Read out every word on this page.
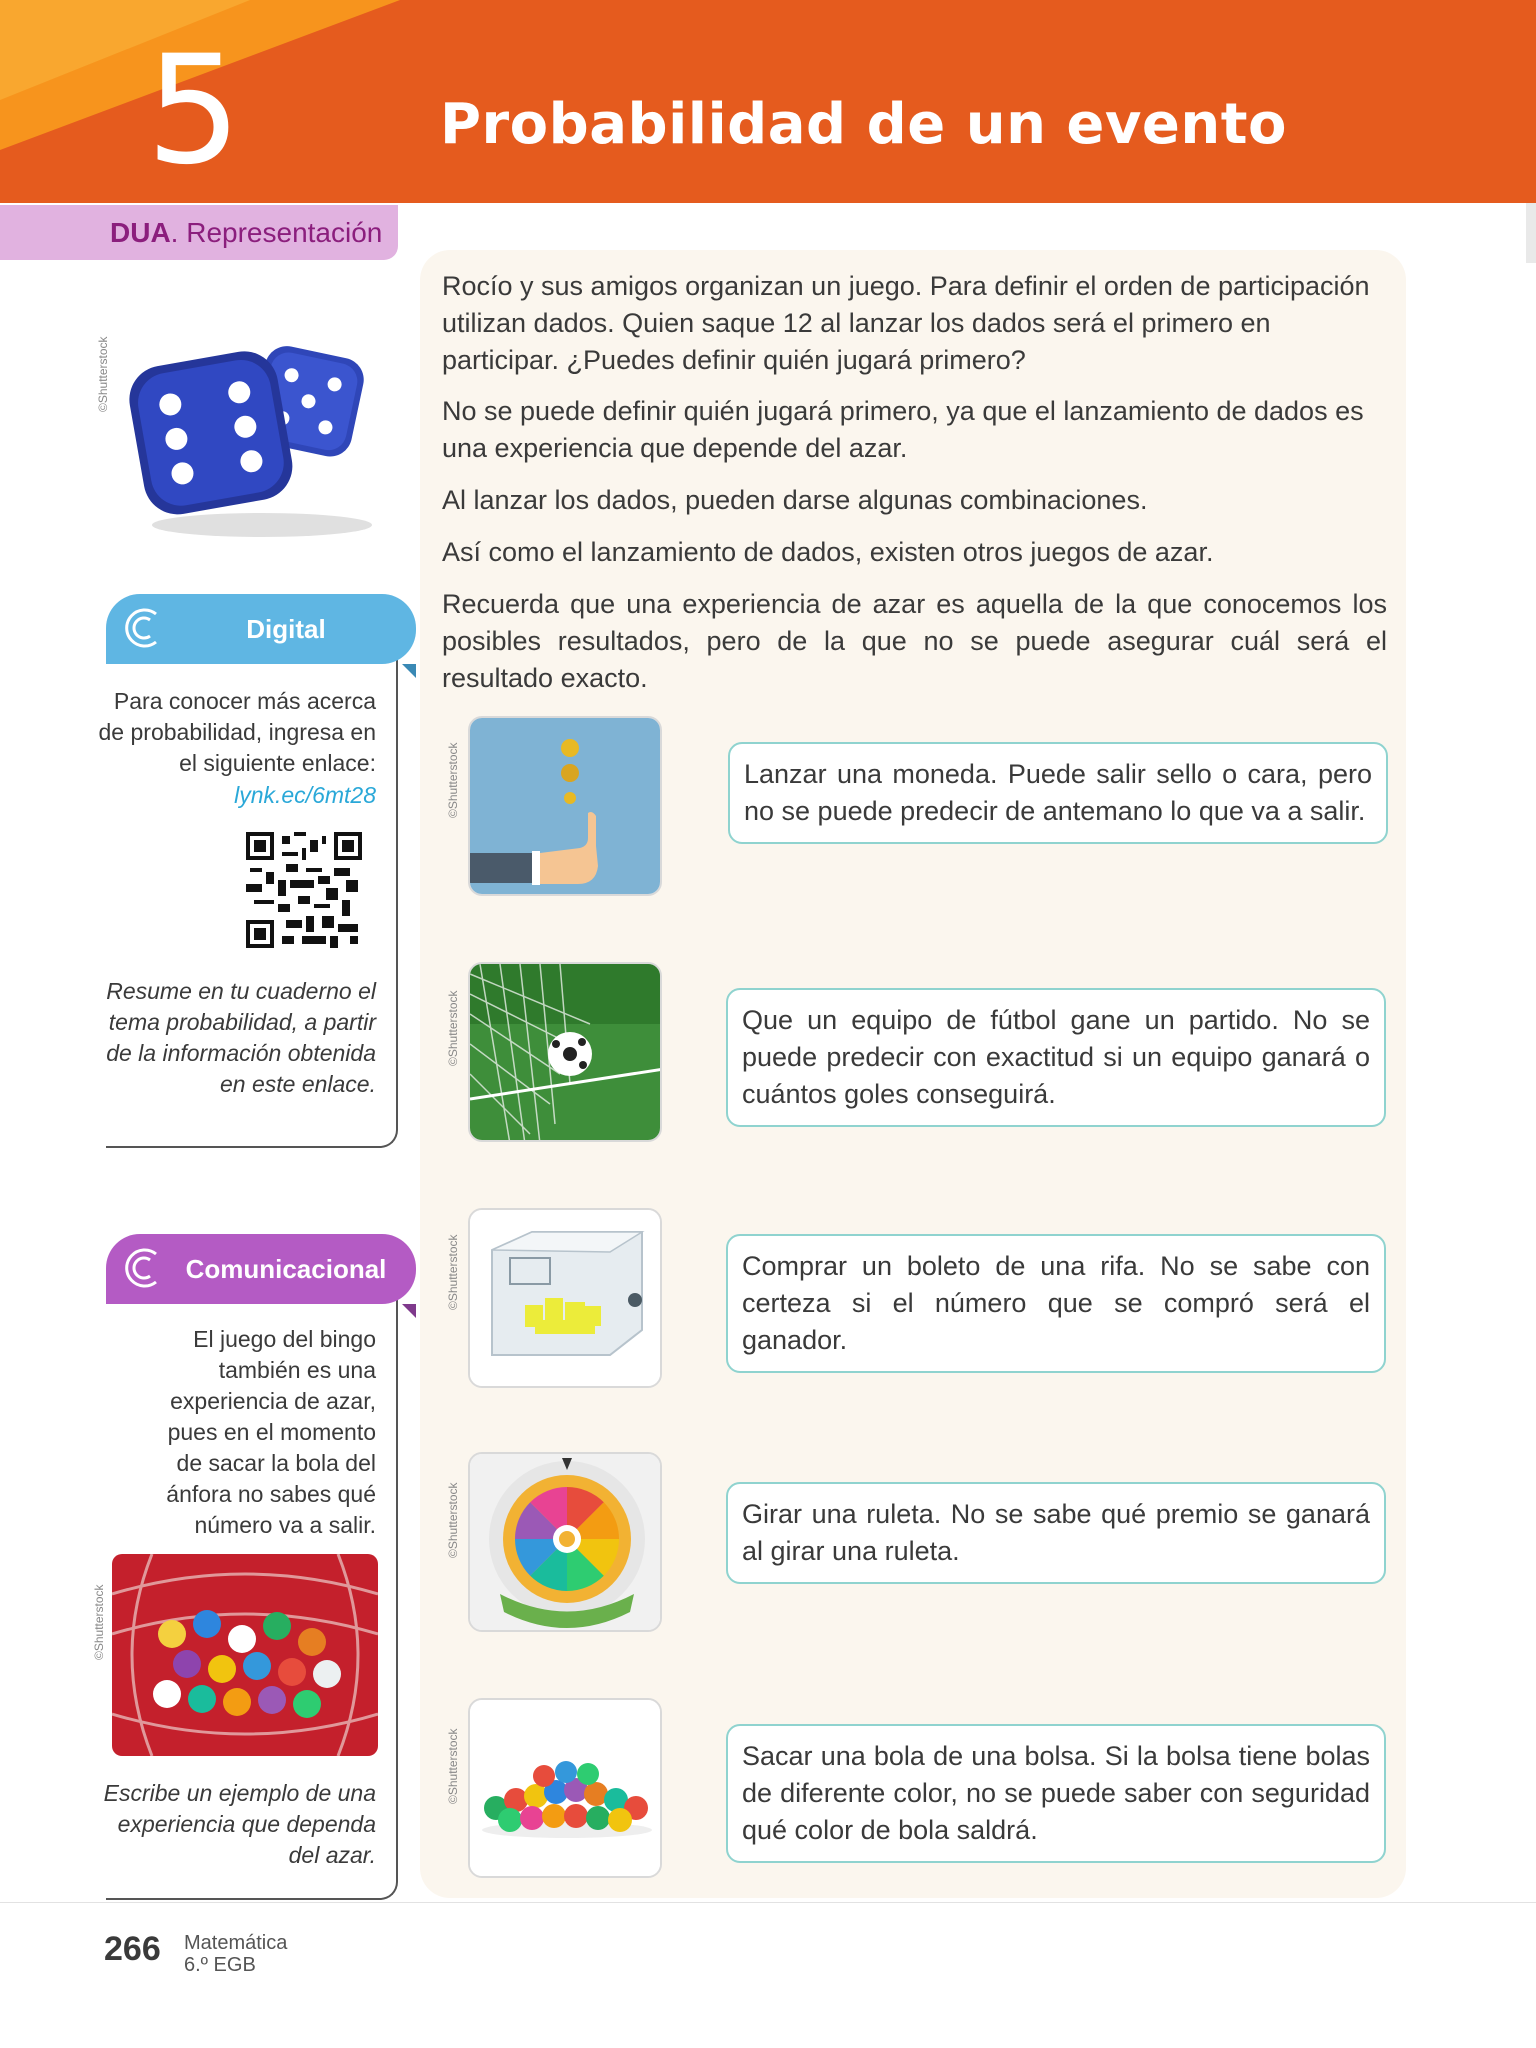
5	Probabilidad de un evento
DUA. Representación
©Shutterstock
Digital
Para conocer más acerca de probabilidad, ingresa en el siguiente enlace:
lynk.ec/6mt28
Resume en tu cuaderno el tema probabilidad, a partir de la información obtenida en este enlace.
Comunicacional
El juego del bingo también es una experiencia de azar, pues en el momento de sacar la bola del ánfora no sabes qué número va a salir.
©Shutterstock
Escribe un ejemplo de una experiencia que dependa del azar.
Rocío y sus amigos organizan un juego. Para definir el orden de participación utilizan dados. Quien saque 12 al lanzar los dados será el primero en participar. ¿Puedes definir quién jugará primero?
No se puede definir quién jugará primero, ya que el lanzamiento de dados es una experiencia que depende del azar.
Al lanzar los dados, pueden darse algunas combinaciones.
Así como el lanzamiento de dados, existen otros juegos de azar.
Recuerda que una experiencia de azar es aquella de la que conocemos los posibles resultados, pero de la que no se puede asegurar cuál será el resultado exacto.
©Shutterstock	Lanzar una moneda. Puede salir sello o cara, pero no se puede predecir de antemano lo que va a salir.
©Shutterstock	Que un equipo de fútbol gane un partido. No se puede predecir con exactitud si un equipo ganará o cuántos goles conseguirá.
©Shutterstock	Comprar un boleto de una rifa. No se sabe con certeza si el número que se compró será el ganador.
©Shutterstock	Girar una ruleta. No se sabe qué premio se ganará al girar una ruleta.
©Shutterstock	Sacar una bola de una bolsa. Si la bolsa tiene bolas de diferente color, no se puede saber con seguridad qué color de bola saldrá.
266 Matemática
6.º EGB
